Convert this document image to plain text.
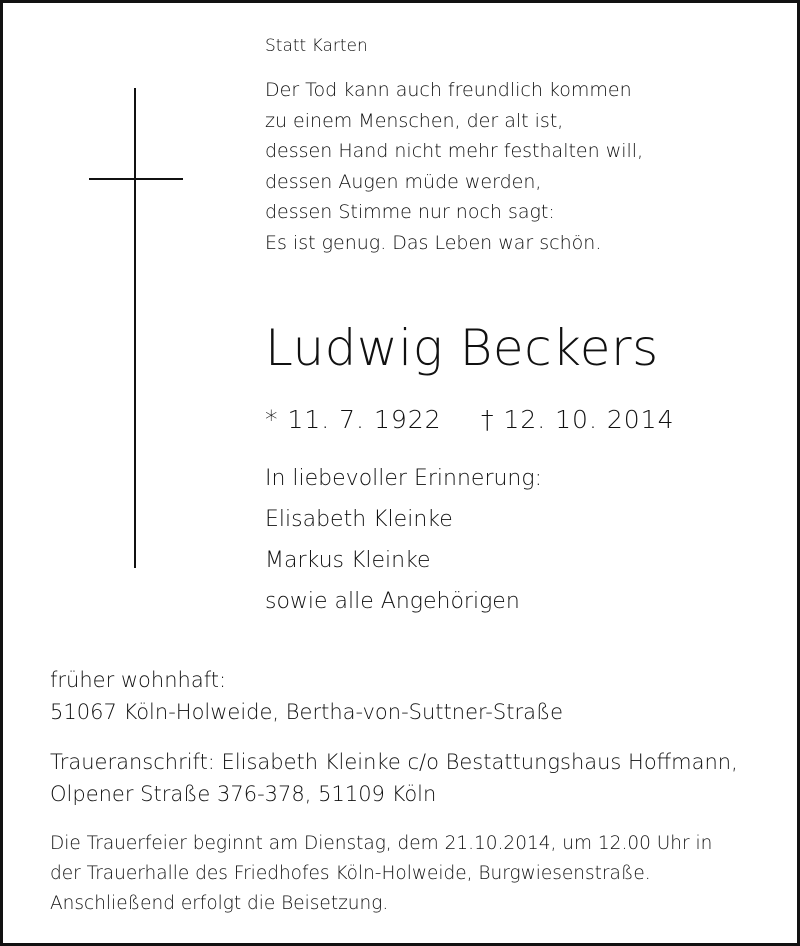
Statt Karten
Der Tod kann auch freundlich kommen
zu einem Menschen, der alt ist,
dessen Hand nicht mehr festhalten will,
dessen Augen müde werden,
dessen Stimme nur noch sagt:
Es ist genug. Das Leben war schön.
Ludwig Beckers
* 11. 7. 1922 † 12. 10. 2014
In liebevoller Erinnerung:
Elisabeth Kleinke
Markus Kleinke
sowie alle Angehörigen
früher wohnhaft:
51067 Köln-Holweide, Bertha-von-Suttner-Straße
Traueranschrift: Elisabeth Kleinke c/o Bestattungshaus Hoffmann,
Olpener Straße 376-378, 51109 Köln
Die Trauerfeier beginnt am Dienstag, dem 21.10.2014, um 12.00 Uhr in
der Trauerhalle des Friedhofes Köln-Holweide, Burgwiesenstraße.
Anschließend erfolgt die Beisetzung.
